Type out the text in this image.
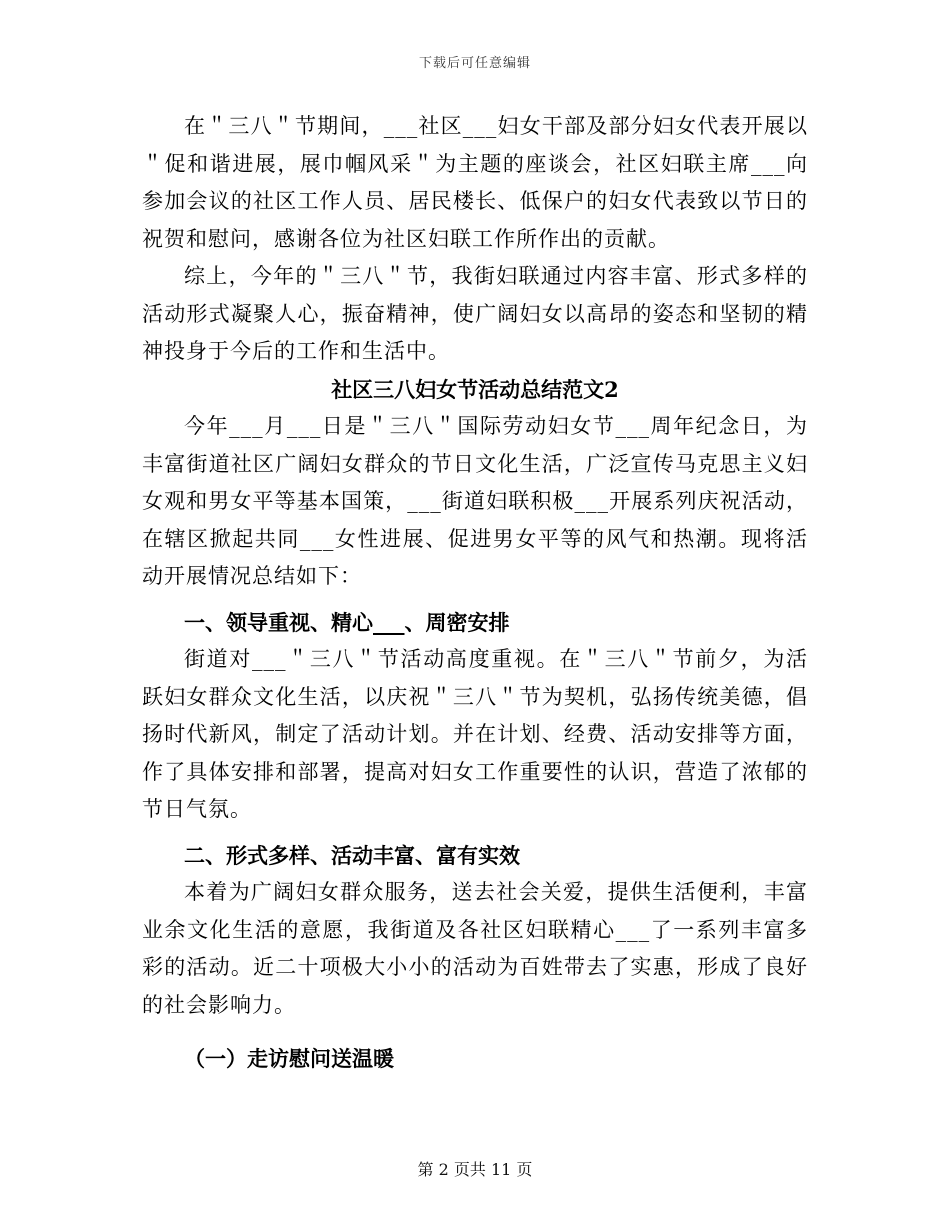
下载后可任意编辑

在＂三八＂节期间，___社区___妇女干部及部分妇女代表开展以＂促和谐进展，展巾帼风采＂为主题的座谈会，社区妇联主席___向参加会议的社区工作人员、居民楼长、低保户的妇女代表致以节日的祝贺和慰问，感谢各位为社区妇联工作所作出的贡献。

综上，今年的＂三八＂节，我街妇联通过内容丰富、形式多样的活动形式凝聚人心，振奋精神，使广阔妇女以高昂的姿态和坚韧的精神投身于今后的工作和生活中。

社区三八妇女节活动总结范文2

今年___月___日是＂三八＂国际劳动妇女节___周年纪念日，为丰富街道社区广阔妇女群众的节日文化生活，广泛宣传马克思主义妇女观和男女平等基本国策，___街道妇联积极___开展系列庆祝活动，在辖区掀起共同___女性进展、促进男女平等的风气和热潮。现将活动开展情况总结如下：

一、领导重视、精心___、周密安排

街道对___＂三八＂节活动高度重视。在＂三八＂节前夕，为活跃妇女群众文化生活，以庆祝＂三八＂节为契机，弘扬传统美德，倡扬时代新风，制定了活动计划。并在计划、经费、活动安排等方面，作了具体安排和部署，提高对妇女工作重要性的认识，营造了浓郁的节日气氛。

二、形式多样、活动丰富、富有实效

本着为广阔妇女群众服务，送去社会关爱，提供生活便利，丰富业余文化生活的意愿，我街道及各社区妇联精心___了一系列丰富多彩的活动。近二十项极大小小的活动为百姓带去了实惠，形成了良好的社会影响力。

（一）走访慰问送温暖

第 2 页共 11 页
